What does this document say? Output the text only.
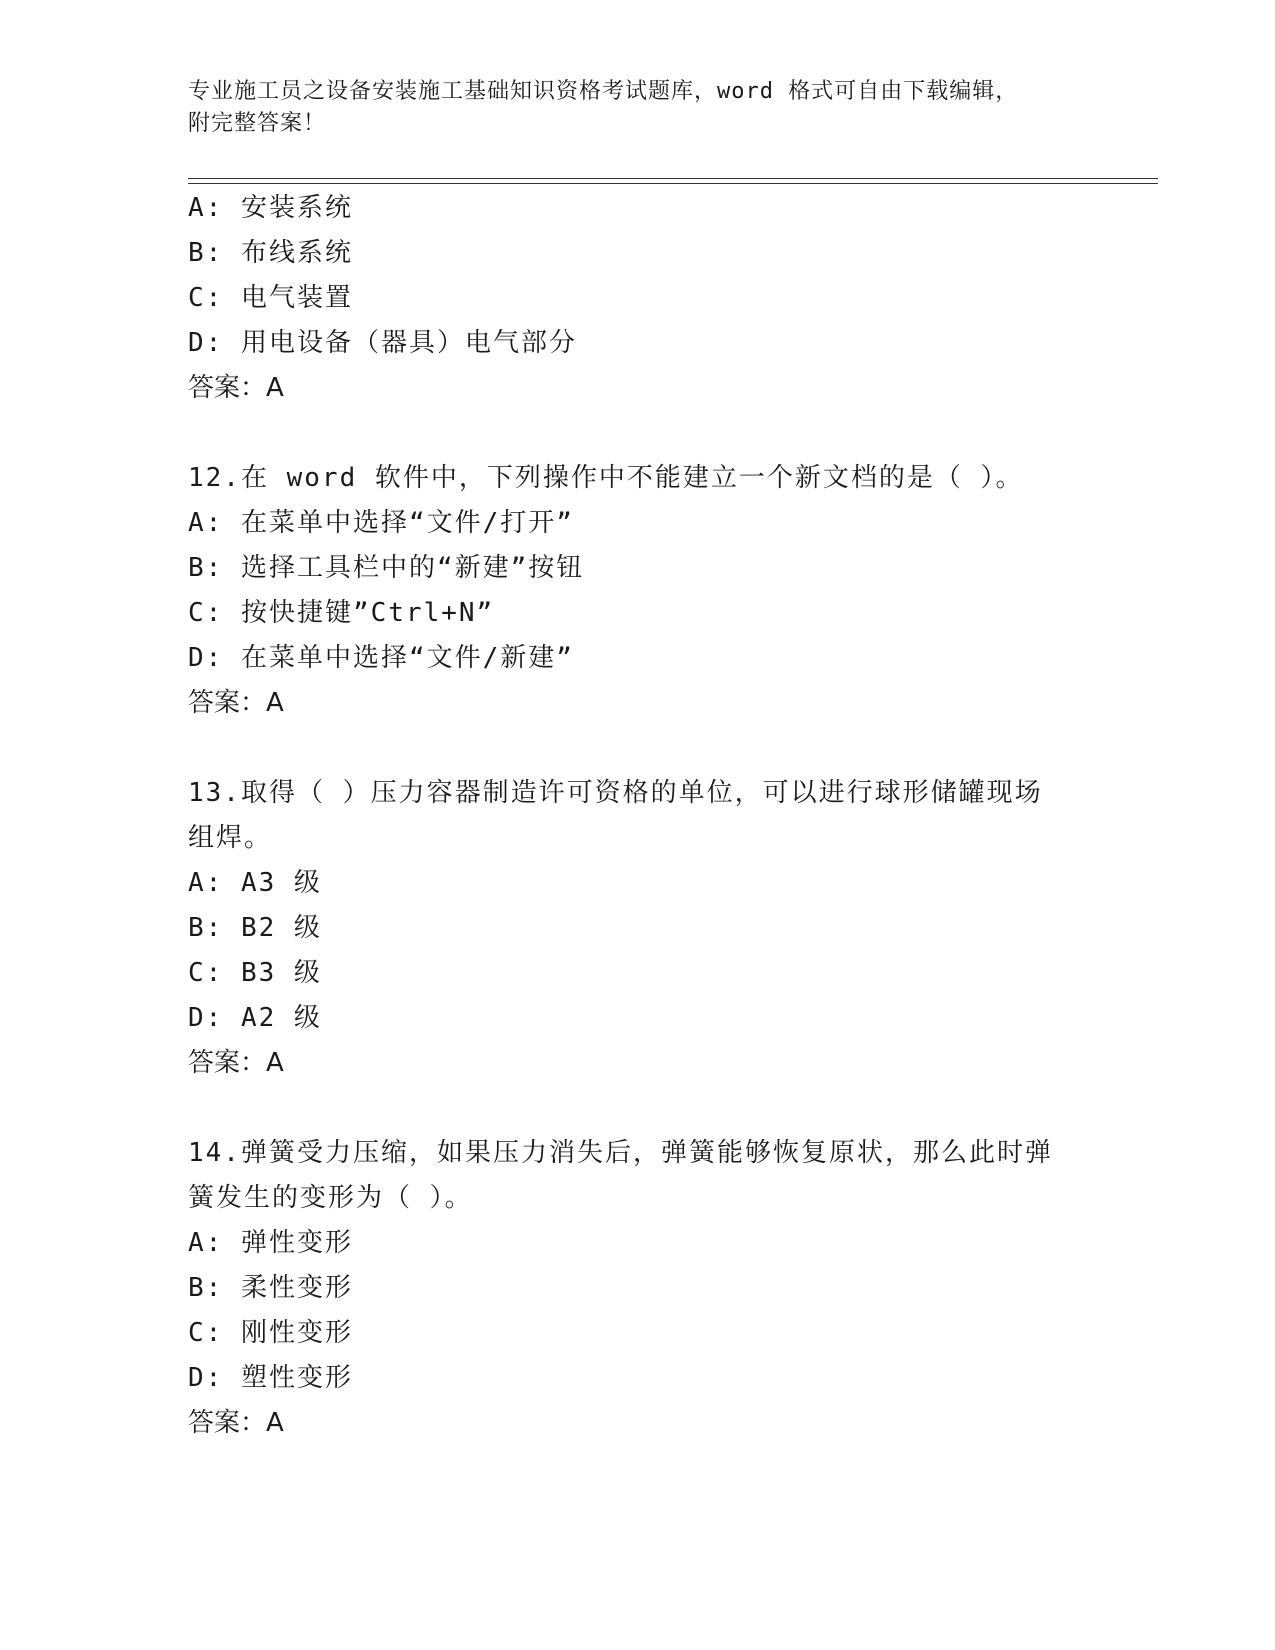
专业施工员之设备安装施工基础知识资格考试题库，word 格式可自由下载编辑，
附完整答案！
A: 安装系统
B: 布线系统
C: 电气装置
D: 用电设备（器具）电气部分
答案：A
12.在 word 软件中，下列操作中不能建立一个新文档的是（ ）。
A: 在菜单中选择“文件/打开”
B: 选择工具栏中的“新建”按钮
C: 按快捷键”Ctrl+N”
D: 在菜单中选择“文件/新建”
答案：A
13.取得（ ）压力容器制造许可资格的单位，可以进行球形储罐现场
组焊。
A: A3 级
B: B2 级
C: B3 级
D: A2 级
答案：A
14.弹簧受力压缩，如果压力消失后，弹簧能够恢复原状，那么此时弹
簧发生的变形为（ ）。
A: 弹性变形
B: 柔性变形
C: 刚性变形
D: 塑性变形
答案：A
